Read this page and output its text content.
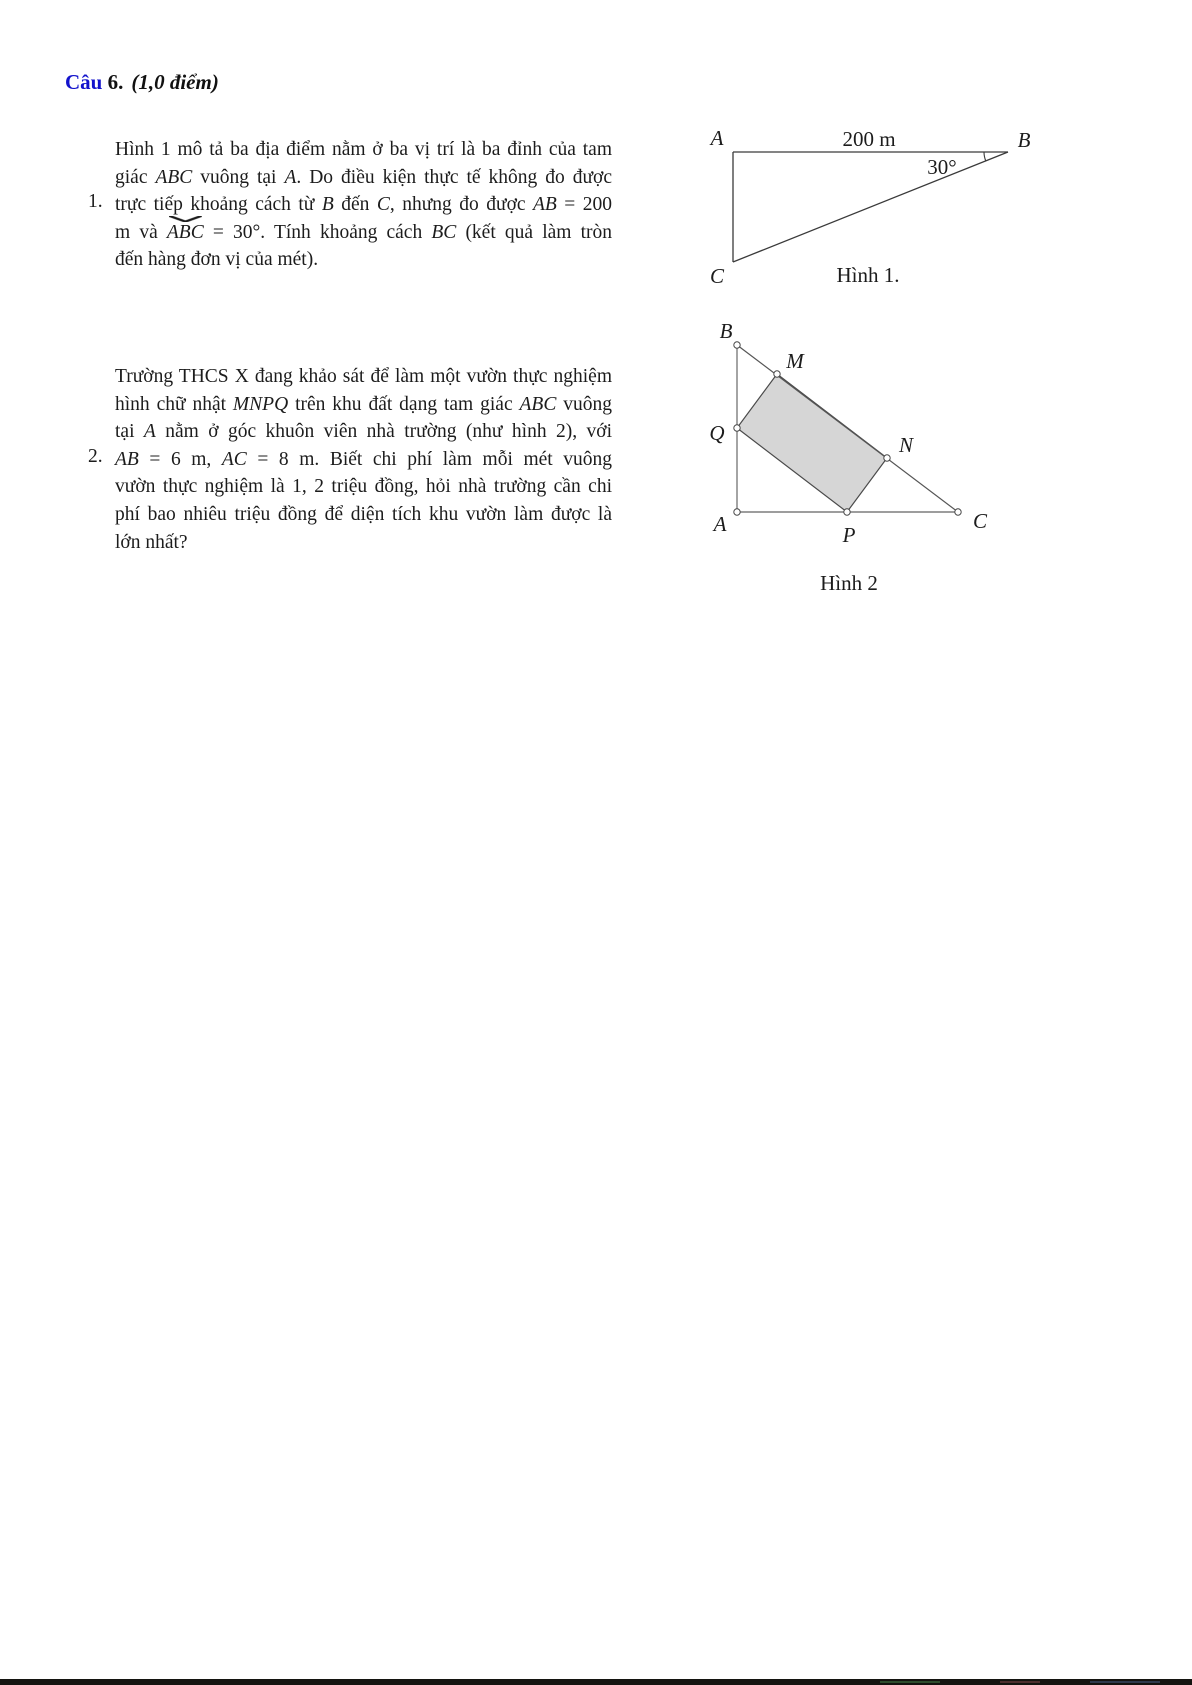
Câu 6. (1,0 điểm)
1.
Hình 1 mô tả ba địa điểm nằm ở ba vị trí là ba đỉnh của tam
giác ABC vuông tại A. Do điều kiện thực tế không đo được
trực tiếp khoảng cách từ B đến C, nhưng đo được AB = 200
m và ABC = 30°. Tính khoảng cách BC (kết quả làm tròn
đến hàng đơn vị của mét).
2.
Trường THCS X đang khảo sát để làm một vườn thực nghiệm
hình chữ nhật MNPQ trên khu đất dạng tam giác ABC vuông
tại A nằm ở góc khuôn viên nhà trường (như hình 2), với
AB = 6 m, AC = 8 m. Biết chi phí làm mỗi mét vuông
vườn thực nghiệm là 1, 2 triệu đồng, hỏi nhà trường cần chi
phí bao nhiêu triệu đồng để diện tích khu vườn làm được là
lớn nhất?
A	200 m	B
30°
C	Hình 1.
B
M
Q	N
A	P
C
Hình 2
